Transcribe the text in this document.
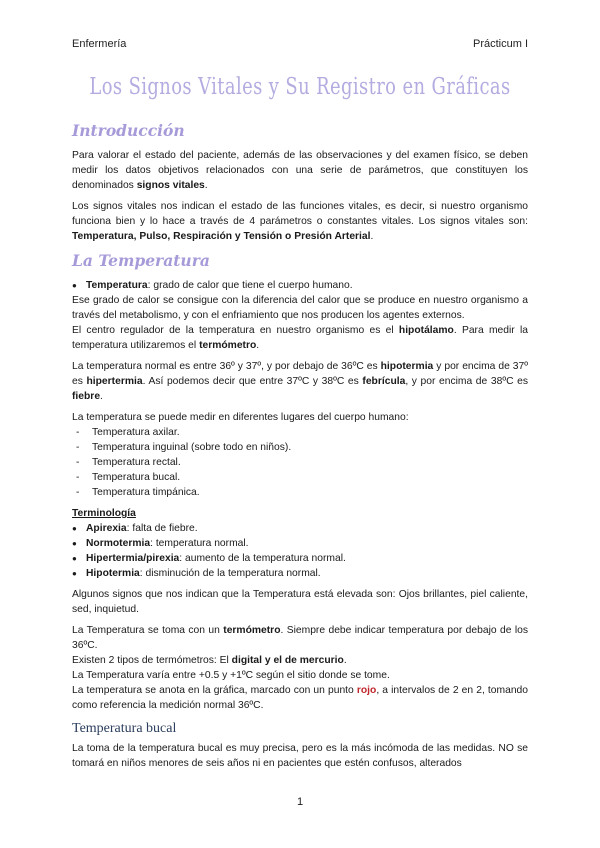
Enfermería	Prácticum I
Los Signos Vitales y Su Registro en Gráficas
Introducción

Para valorar el estado del paciente, además de las observaciones y del examen físico, se deben medir los datos objetivos relacionados con una serie de parámetros, que constituyen los denominados signos vitales.

Los signos vitales nos indican el estado de las funciones vitales, es decir, si nuestro organismo funciona bien y lo hace a través de 4 parámetros o constantes vitales. Los signos vitales son: Temperatura, Pulso, Respiración y Tensión o Presión Arterial.

La Temperatura

● Temperatura: grado de calor que tiene el cuerpo humano.

Ese grado de calor se consigue con la diferencia del calor que se produce en nuestro organismo a través del metabolismo, y con el enfriamiento que nos producen los agentes externos.

El centro regulador de la temperatura en nuestro organismo es el hipotálamo. Para medir la temperatura utilizaremos el termómetro.

La temperatura normal es entre 36º y 37º, y por debajo de 36ºC es hipotermia y por encima de 37º es hipertermia. Así podemos decir que entre 37ºC y 38ºC es febrícula, y por encima de 38ºC es fiebre.

La temperatura se puede medir en diferentes lugares del cuerpo humano:

- Temperatura axilar.
- Temperatura inguinal (sobre todo en niños).
- Temperatura rectal.
- Temperatura bucal.
- Temperatura timpánica.

Terminología

● Apirexia: falta de fiebre.
● Normotermia: temperatura normal.
● Hipertermia/pirexia: aumento de la temperatura normal.
● Hipotermia: disminución de la temperatura normal.

Algunos signos que nos indican que la Temperatura está elevada son: Ojos brillantes, piel caliente, sed, inquietud.

La Temperatura se toma con un termómetro. Siempre debe indicar temperatura por debajo de los 36ºC.

Existen 2 tipos de termómetros: El digital y el de mercurio.

La Temperatura varía entre +0.5 y +1ºC según el sitio donde se tome.

La temperatura se anota en la gráfica, marcado con un punto rojo, a intervalos de 2 en 2, tomando como referencia la medición normal 36ºC.

Temperatura bucal

La toma de la temperatura bucal es muy precisa, pero es la más incómoda de las medidas. NO se tomará en niños menores de seis años ni en pacientes que estén confusos, alterados

1
